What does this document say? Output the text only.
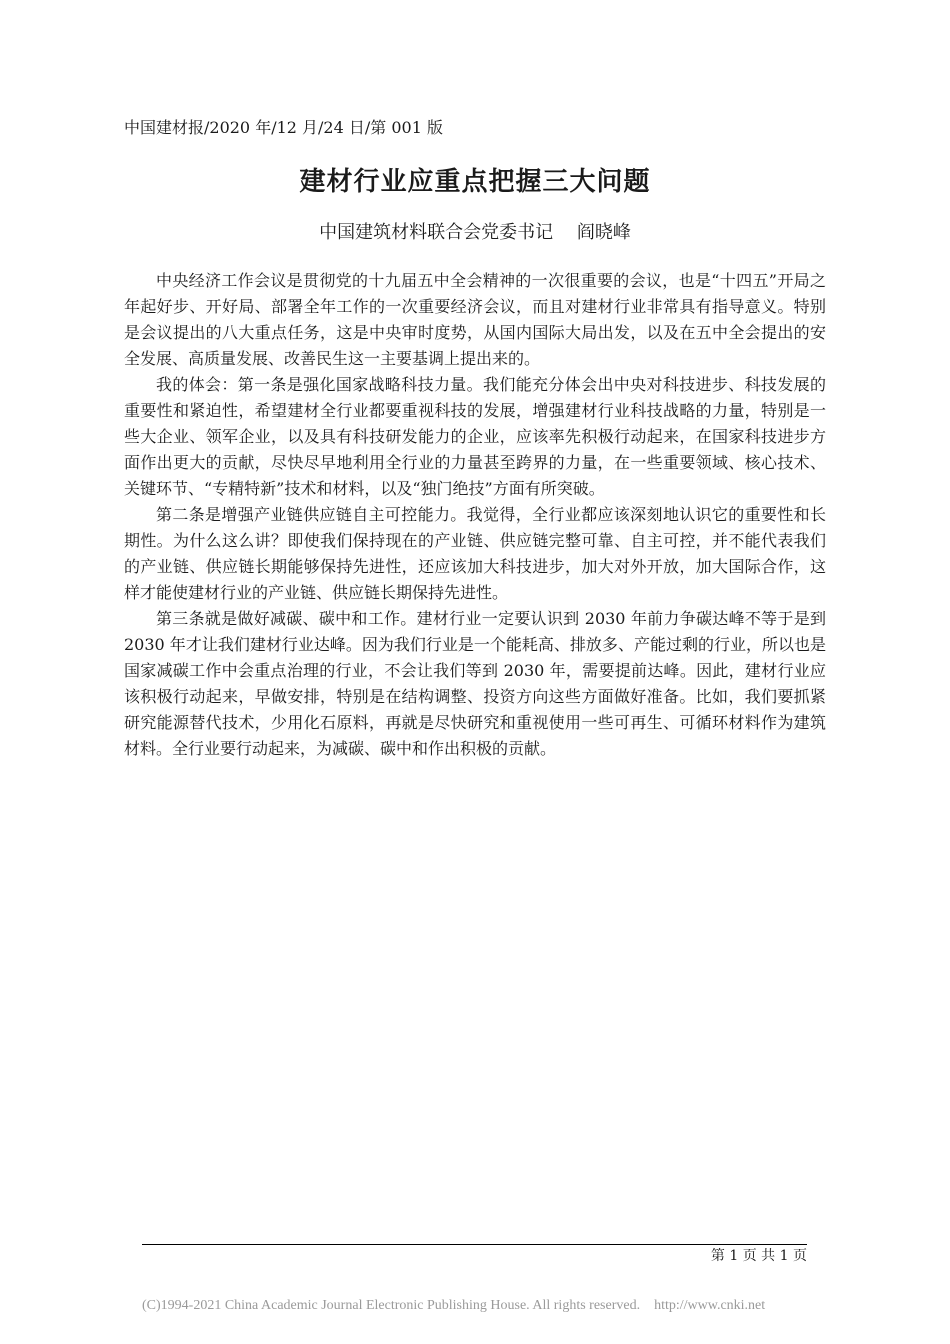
中国建材报/2020 年/12 月/24 日/第 001 版
建材行业应重点把握三大问题
中国建筑材料联合会党委书记　 阎晓峰

中央经济工作会议是贯彻党的十九届五中全会精神的一次很重要的会议，也是“十四五”开局之年起好步、开好局、部署全年工作的一次重要经济会议，而且对建材行业非常具有指导意义。特别是会议提出的八大重点任务，这是中央审时度势，从国内国际大局出发，以及在五中全会提出的安全发展、高质量发展、改善民生这一主要基调上提出来的。

我的体会：第一条是强化国家战略科技力量。我们能充分体会出中央对科技进步、科技发展的重要性和紧迫性，希望建材全行业都要重视科技的发展，增强建材行业科技战略的力量，特别是一些大企业、领军企业，以及具有科技研发能力的企业，应该率先积极行动起来，在国家科技进步方面作出更大的贡献，尽快尽早地利用全行业的力量甚至跨界的力量，在一些重要领域、核心技术、关键环节、“专精特新”技术和材料，以及“独门绝技”方面有所突破。

第二条是增强产业链供应链自主可控能力。我觉得，全行业都应该深刻地认识它的重要性和长期性。为什么这么讲？即使我们保持现在的产业链、供应链完整可靠、自主可控，并不能代表我们的产业链、供应链长期能够保持先进性，还应该加大科技进步，加大对外开放，加大国际合作，这样才能使建材行业的产业链、供应链长期保持先进性。

第三条就是做好减碳、碳中和工作。建材行业一定要认识到 2030 年前力争碳达峰不等于是到 2030 年才让我们建材行业达峰。因为我们行业是一个能耗高、排放多、产能过剩的行业，所以也是国家减碳工作中会重点治理的行业，不会让我们等到 2030 年，需要提前达峰。因此，建材行业应该积极行动起来，早做安排，特别是在结构调整、投资方向这些方面做好准备。比如，我们要抓紧研究能源替代技术，少用化石原料，再就是尽快研究和重视使用一些可再生、可循环材料作为建筑材料。全行业要行动起来，为减碳、碳中和作出积极的贡献。

第 1 页 共 1 页
(C)1994-2021 China Academic Journal Electronic Publishing House. All rights reserved.    http://www.cnki.net
